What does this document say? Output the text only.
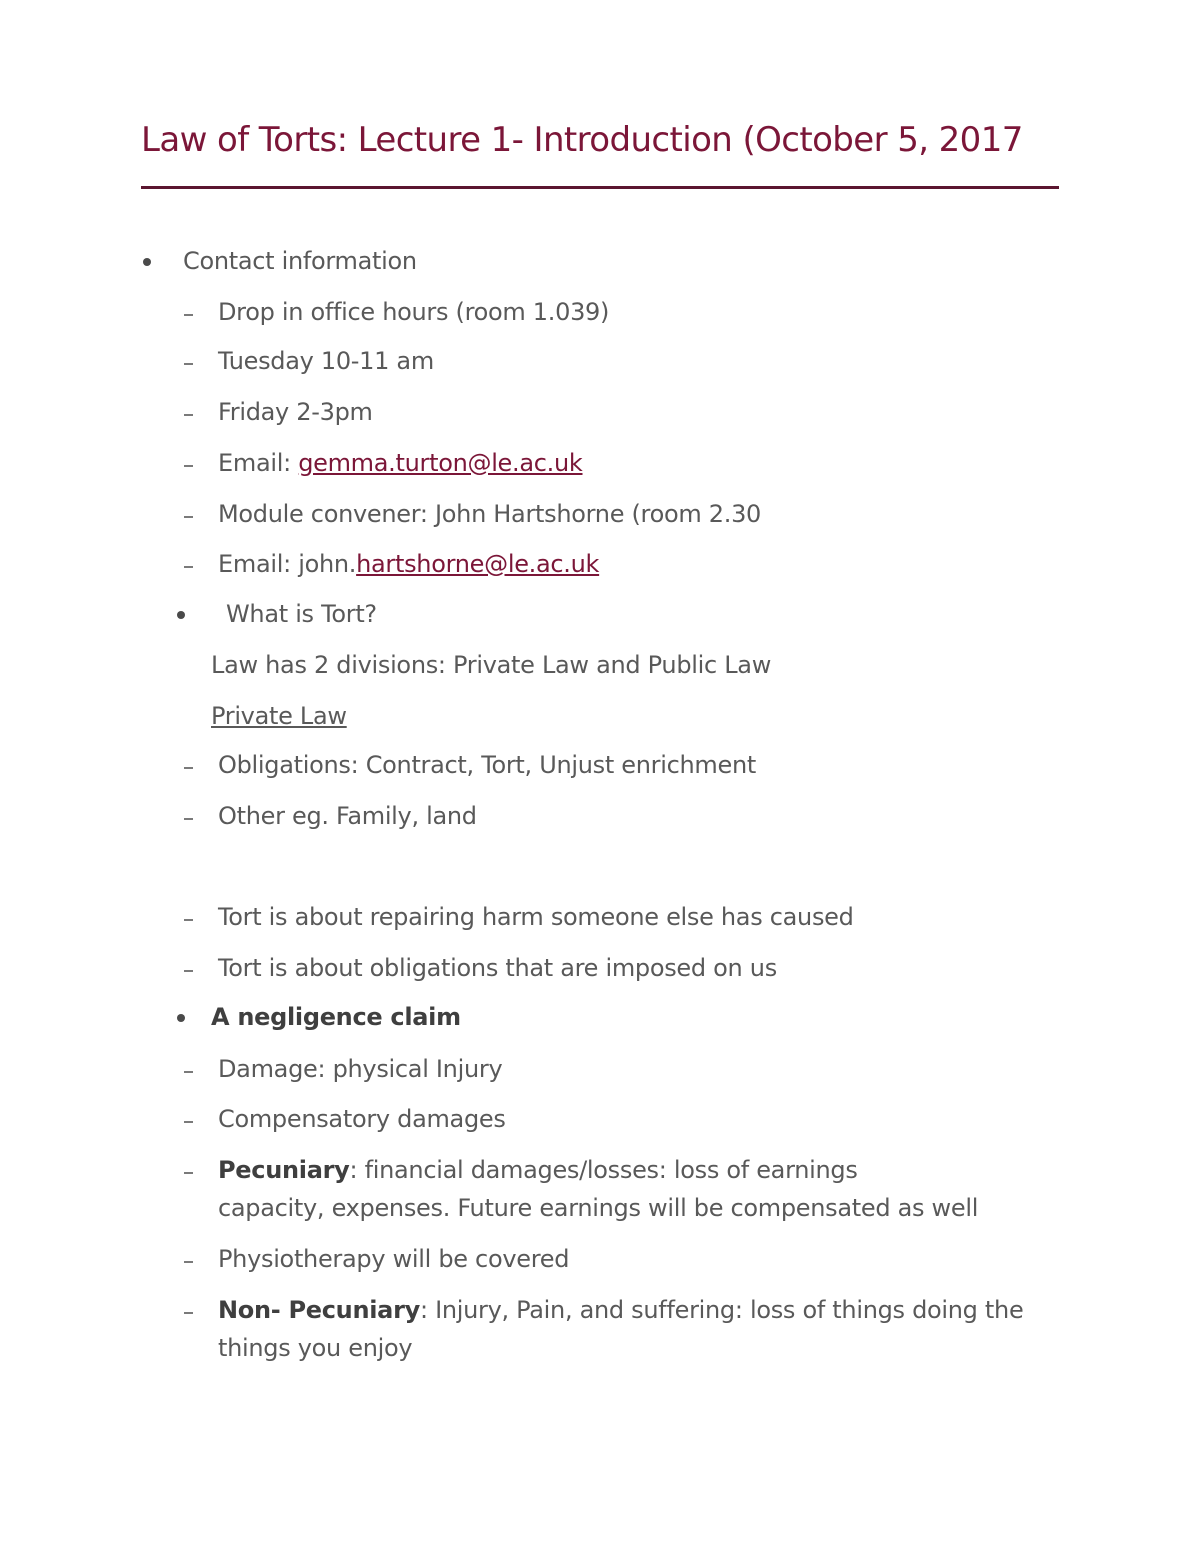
Law of Torts: Lecture 1- Introduction (October 5, 2017
Contact information
Drop in office hours (room 1.039)
Tuesday 10-11 am
Friday 2-3pm
Email: gemma.turton@le.ac.uk
Module convener: John Hartshorne (room 2.30
Email: john.hartshorne@le.ac.uk
What is Tort?
Law has 2 divisions: Private Law and Public Law
Private Law
Obligations: Contract, Tort, Unjust enrichment
Other eg. Family, land
Tort is about repairing harm someone else has caused
Tort is about obligations that are imposed on us
A negligence claim
Damage: physical Injury
Compensatory damages
Pecuniary: financial damages/losses: loss of earnings
capacity, expenses. Future earnings will be compensated as well
Physiotherapy will be covered
Non- Pecuniary: Injury, Pain, and suffering: loss of things doing the
things you enjoy
